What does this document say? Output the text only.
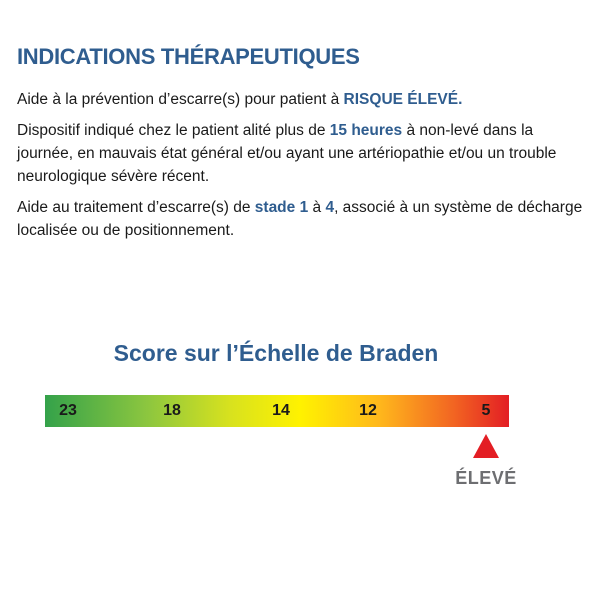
INDICATIONS THÉRAPEUTIQUES

Aide à la prévention d’escarre(s) pour patient à RISQUE ÉLEVÉ.

Dispositif indiqué chez le patient alité plus de 15 heures à non-levé dans la journée, en mauvais état général et/ou ayant une artériopathie et/ou un trouble neurologique sévère récent.

Aide au traitement d’escarre(s) de stade 1 à 4, associé à un système de décharge localisée ou de positionnement.

Score sur l’Échelle de Braden
23	18	14	12	5

ÉLEVÉ
